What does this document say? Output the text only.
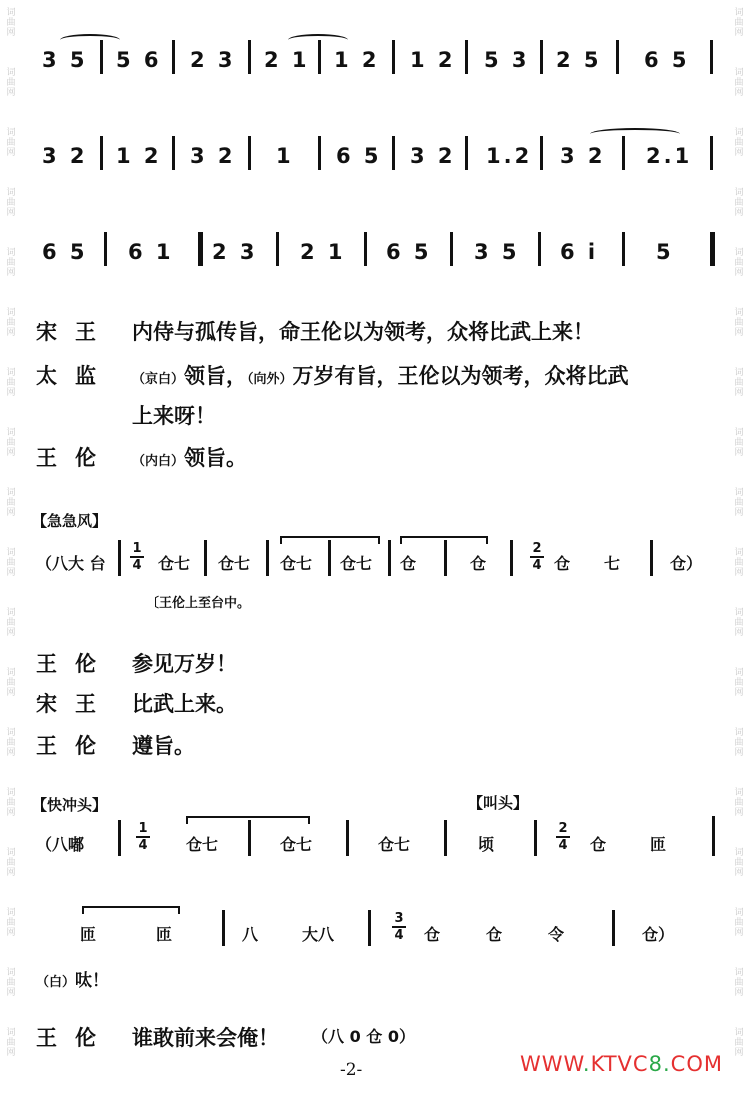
词
曲
网
词
曲
网
词
曲
网
词
曲
网
词
曲
网
词
曲
网
词
曲
网
词
曲
网
词
曲
网
词
曲
网
词
曲
网
词
曲
网
词
曲
网
词
曲
网
词
曲
网
词
曲
网
词
曲
网
词
曲
网
词
曲
网
词
曲
网
词
曲
网
词
曲
网
词
曲
网
词
曲
网
词
曲
网
词
曲
网
词
曲
网
词
曲
网
词
曲
网
词
曲
网
词
曲
网
词
曲
网
词
曲
网
词
曲
网
词
曲
网
词
曲
网
3 5 5 6 2 3 2 1 1 2 1 2 5 3 2 5 6 5
3 2 1 2 3 2 1 6 5 3 2 1.2 3 2 2.1
6 5 6 1 2 3 2 1 6 5 3 5 6 i	5
宋王 内侍与孤传旨，命王伦以为领考，众将比武上来！
太监 （京白）领旨，（向外）万岁有旨，王伦以为领考，众将比武
上来呀！
王伦 （内白）领旨。
【急急风】
（八大 台
1
4 仓七 仓七 仓七 仓七 仓	仓
2
4 仓 七	仓）
〔王伦上至台中。
王伦 参见万岁！
宋王 比武上来。
王伦 遵旨。
【快冲头】	【叫头】
（八嘟
1
4 仓七	仓七	仓七	顷
2
4 仓	匝
匝	匝	八	大八
3
4 仓	仓	令	仓）
（白）呔！
王伦 谁敢前来会俺！ （八 0 仓 0）
-2-	WWW.KTVC8.COM
